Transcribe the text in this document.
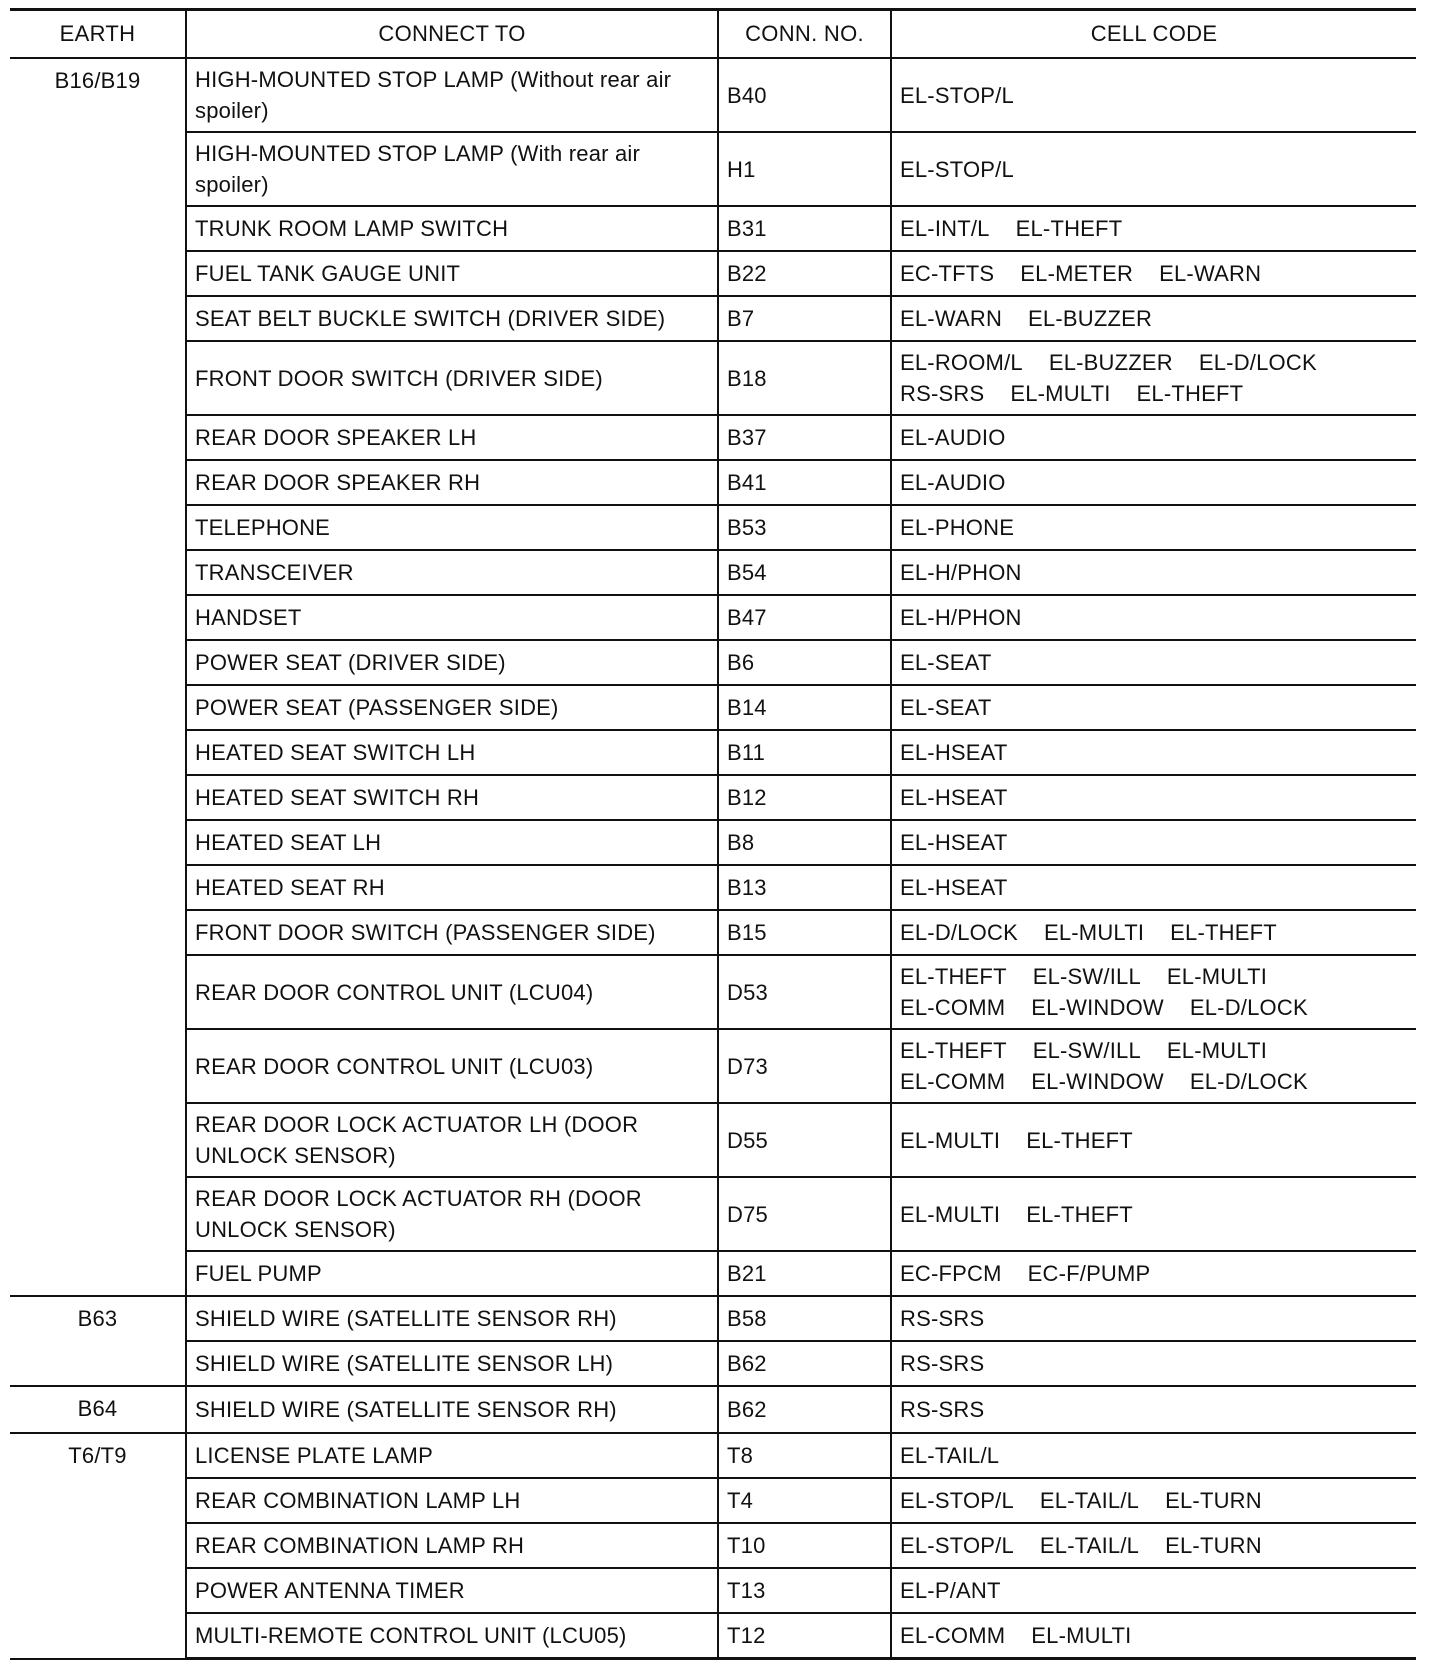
EARTH	CONNECT TO	CONN. NO.	CELL CODE
B16/B19	HIGH-MOUNTED STOP LAMP (Without rear air spoiler)	B40	EL-STOP/L

	HIGH-MOUNTED STOP LAMP (With rear air spoiler)	H1	EL-STOP/L

	TRUNK ROOM LAMP SWITCH	B31	EL-INT/L EL-THEFT

	FUEL TANK GAUGE UNIT	B22	EC-TFTS EL-METER EL-WARN

	SEAT BELT BUCKLE SWITCH (DRIVER SIDE)	B7	EL-WARN EL-BUZZER

	FRONT DOOR SWITCH (DRIVER SIDE)	B18	EL-ROOM/L EL-BUZZER EL-D/LOCK
RS-SRS EL-MULTI EL-THEFT

	REAR DOOR SPEAKER LH	B37	EL-AUDIO

	REAR DOOR SPEAKER RH	B41	EL-AUDIO

	TELEPHONE	B53	EL-PHONE

	TRANSCEIVER	B54	EL-H/PHON

	HANDSET	B47	EL-H/PHON

	POWER SEAT (DRIVER SIDE)	B6	EL-SEAT

	POWER SEAT (PASSENGER SIDE)	B14	EL-SEAT

	HEATED SEAT SWITCH LH	B11	EL-HSEAT

	HEATED SEAT SWITCH RH	B12	EL-HSEAT

	HEATED SEAT LH	B8	EL-HSEAT

	HEATED SEAT RH	B13	EL-HSEAT

	FRONT DOOR SWITCH (PASSENGER SIDE)	B15	EL-D/LOCK EL-MULTI EL-THEFT

	REAR DOOR CONTROL UNIT (LCU04)	D53	EL-THEFT EL-SW/ILL EL-MULTI
EL-COMM EL-WINDOW EL-D/LOCK

	REAR DOOR CONTROL UNIT (LCU03)	D73	EL-THEFT EL-SW/ILL EL-MULTI
EL-COMM EL-WINDOW EL-D/LOCK

	REAR DOOR LOCK ACTUATOR LH (DOOR UNLOCK SENSOR)	D55	EL-MULTI EL-THEFT

	REAR DOOR LOCK ACTUATOR RH (DOOR UNLOCK SENSOR)	D75	EL-MULTI EL-THEFT

	FUEL PUMP	B21	EC-FPCM EC-F/PUMP

B63	SHIELD WIRE (SATELLITE SENSOR RH)	B58	RS-SRS

	SHIELD WIRE (SATELLITE SENSOR LH)	B62	RS-SRS

B64	SHIELD WIRE (SATELLITE SENSOR RH)	B62	RS-SRS

T6/T9	LICENSE PLATE LAMP	T8	EL-TAIL/L

	REAR COMBINATION LAMP LH	T4	EL-STOP/L EL-TAIL/L EL-TURN

	REAR COMBINATION LAMP RH	T10	EL-STOP/L EL-TAIL/L EL-TURN

	POWER ANTENNA TIMER	T13	EL-P/ANT

	MULTI-REMOTE CONTROL UNIT (LCU05)	T12	EL-COMM EL-MULTI
